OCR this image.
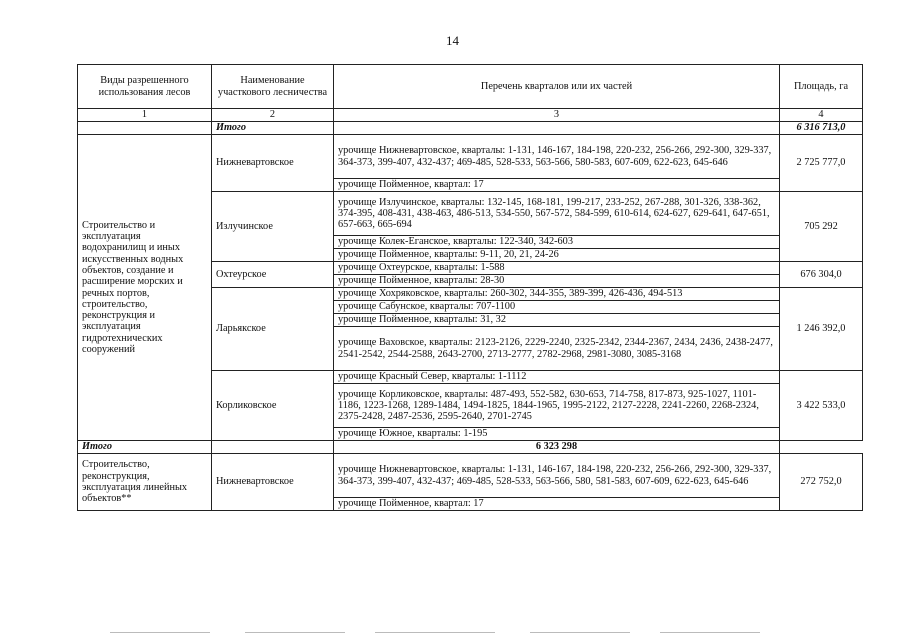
14
Виды разрешенного использования лесов	Наименование участкового лесничества	Перечень кварталов или их частей	Площадь, га
1	2	3	4
	Итого		6 316 713,0
Строительство и эксплуатация водохранилищ и иных искусственных водных объектов, создание и расширение морских и речных портов, строительство, реконструкция и эксплуатация гидротехнических сооружений	Нижневартовское	урочище Нижневартовское, кварталы: 1-131, 146-167, 184-198, 220-232, 256-266, 292-300, 329-337, 364-373, 399-407, 432-437; 469-485, 528-533, 563-566, 580-583, 607-609, 622-623, 645-646	2 725 777,0
		урочище Пойменное, квартал: 17	
	Излучинское	урочище Излучинское, кварталы: 132-145, 168-181, 199-217, 233-252, 267-288, 301-326, 338-362, 374-395, 408-431, 438-463, 486-513, 534-550, 567-572, 584-599, 610-614, 624-627, 629-641, 647-651, 657-663, 665-694	705 292
		урочище Колек-Еганское, кварталы: 122-340, 342-603	
		урочище Пойменное, кварталы: 9-11, 20, 21, 24-26	
	Охтеурское	урочище Охтеурское, кварталы: 1-588	676 304,0
		урочище Пойменное, кварталы: 28-30	
	Ларьякское	урочище Хохряковское, кварталы: 260-302, 344-355, 389-399, 426-436, 494-513	1 246 392,0
		урочище Сабунское, кварталы: 707-1100	
		урочище Пойменное, кварталы: 31, 32	
		урочище Ваховское, кварталы: 2123-2126, 2229-2240, 2325-2342, 2344-2367, 2434, 2436, 2438-2477, 2541-2542, 2544-2588, 2643-2700, 2713-2777, 2782-2968, 2981-3080, 3085-3168	
	Корликовское	урочище Красный Север, кварталы: 1-1112	3 422 533,0
		урочище Корликовское, кварталы: 487-493, 552-582, 630-653, 714-758, 817-873, 925-1027, 1101-1186, 1223-1268, 1289-1484, 1494-1825, 1844-1965, 1995-2122, 2127-2228, 2241-2260, 2268-2324, 2375-2428, 2487-2536, 2595-2640, 2701-2745	
		урочище Южное, кварталы: 1-195	
Итого		6 323 298	
Строительство, реконструкция, эксплуатация линейных объектов**	Нижневартовское	урочище Нижневартовское, кварталы: 1-131, 146-167, 184-198, 220-232, 256-266, 292-300, 329-337, 364-373, 399-407, 432-437; 469-485, 528-533, 563-566, 580, 581-583, 607-609, 622-623, 645-646	272 752,0
		урочище Пойменное, квартал: 17	
